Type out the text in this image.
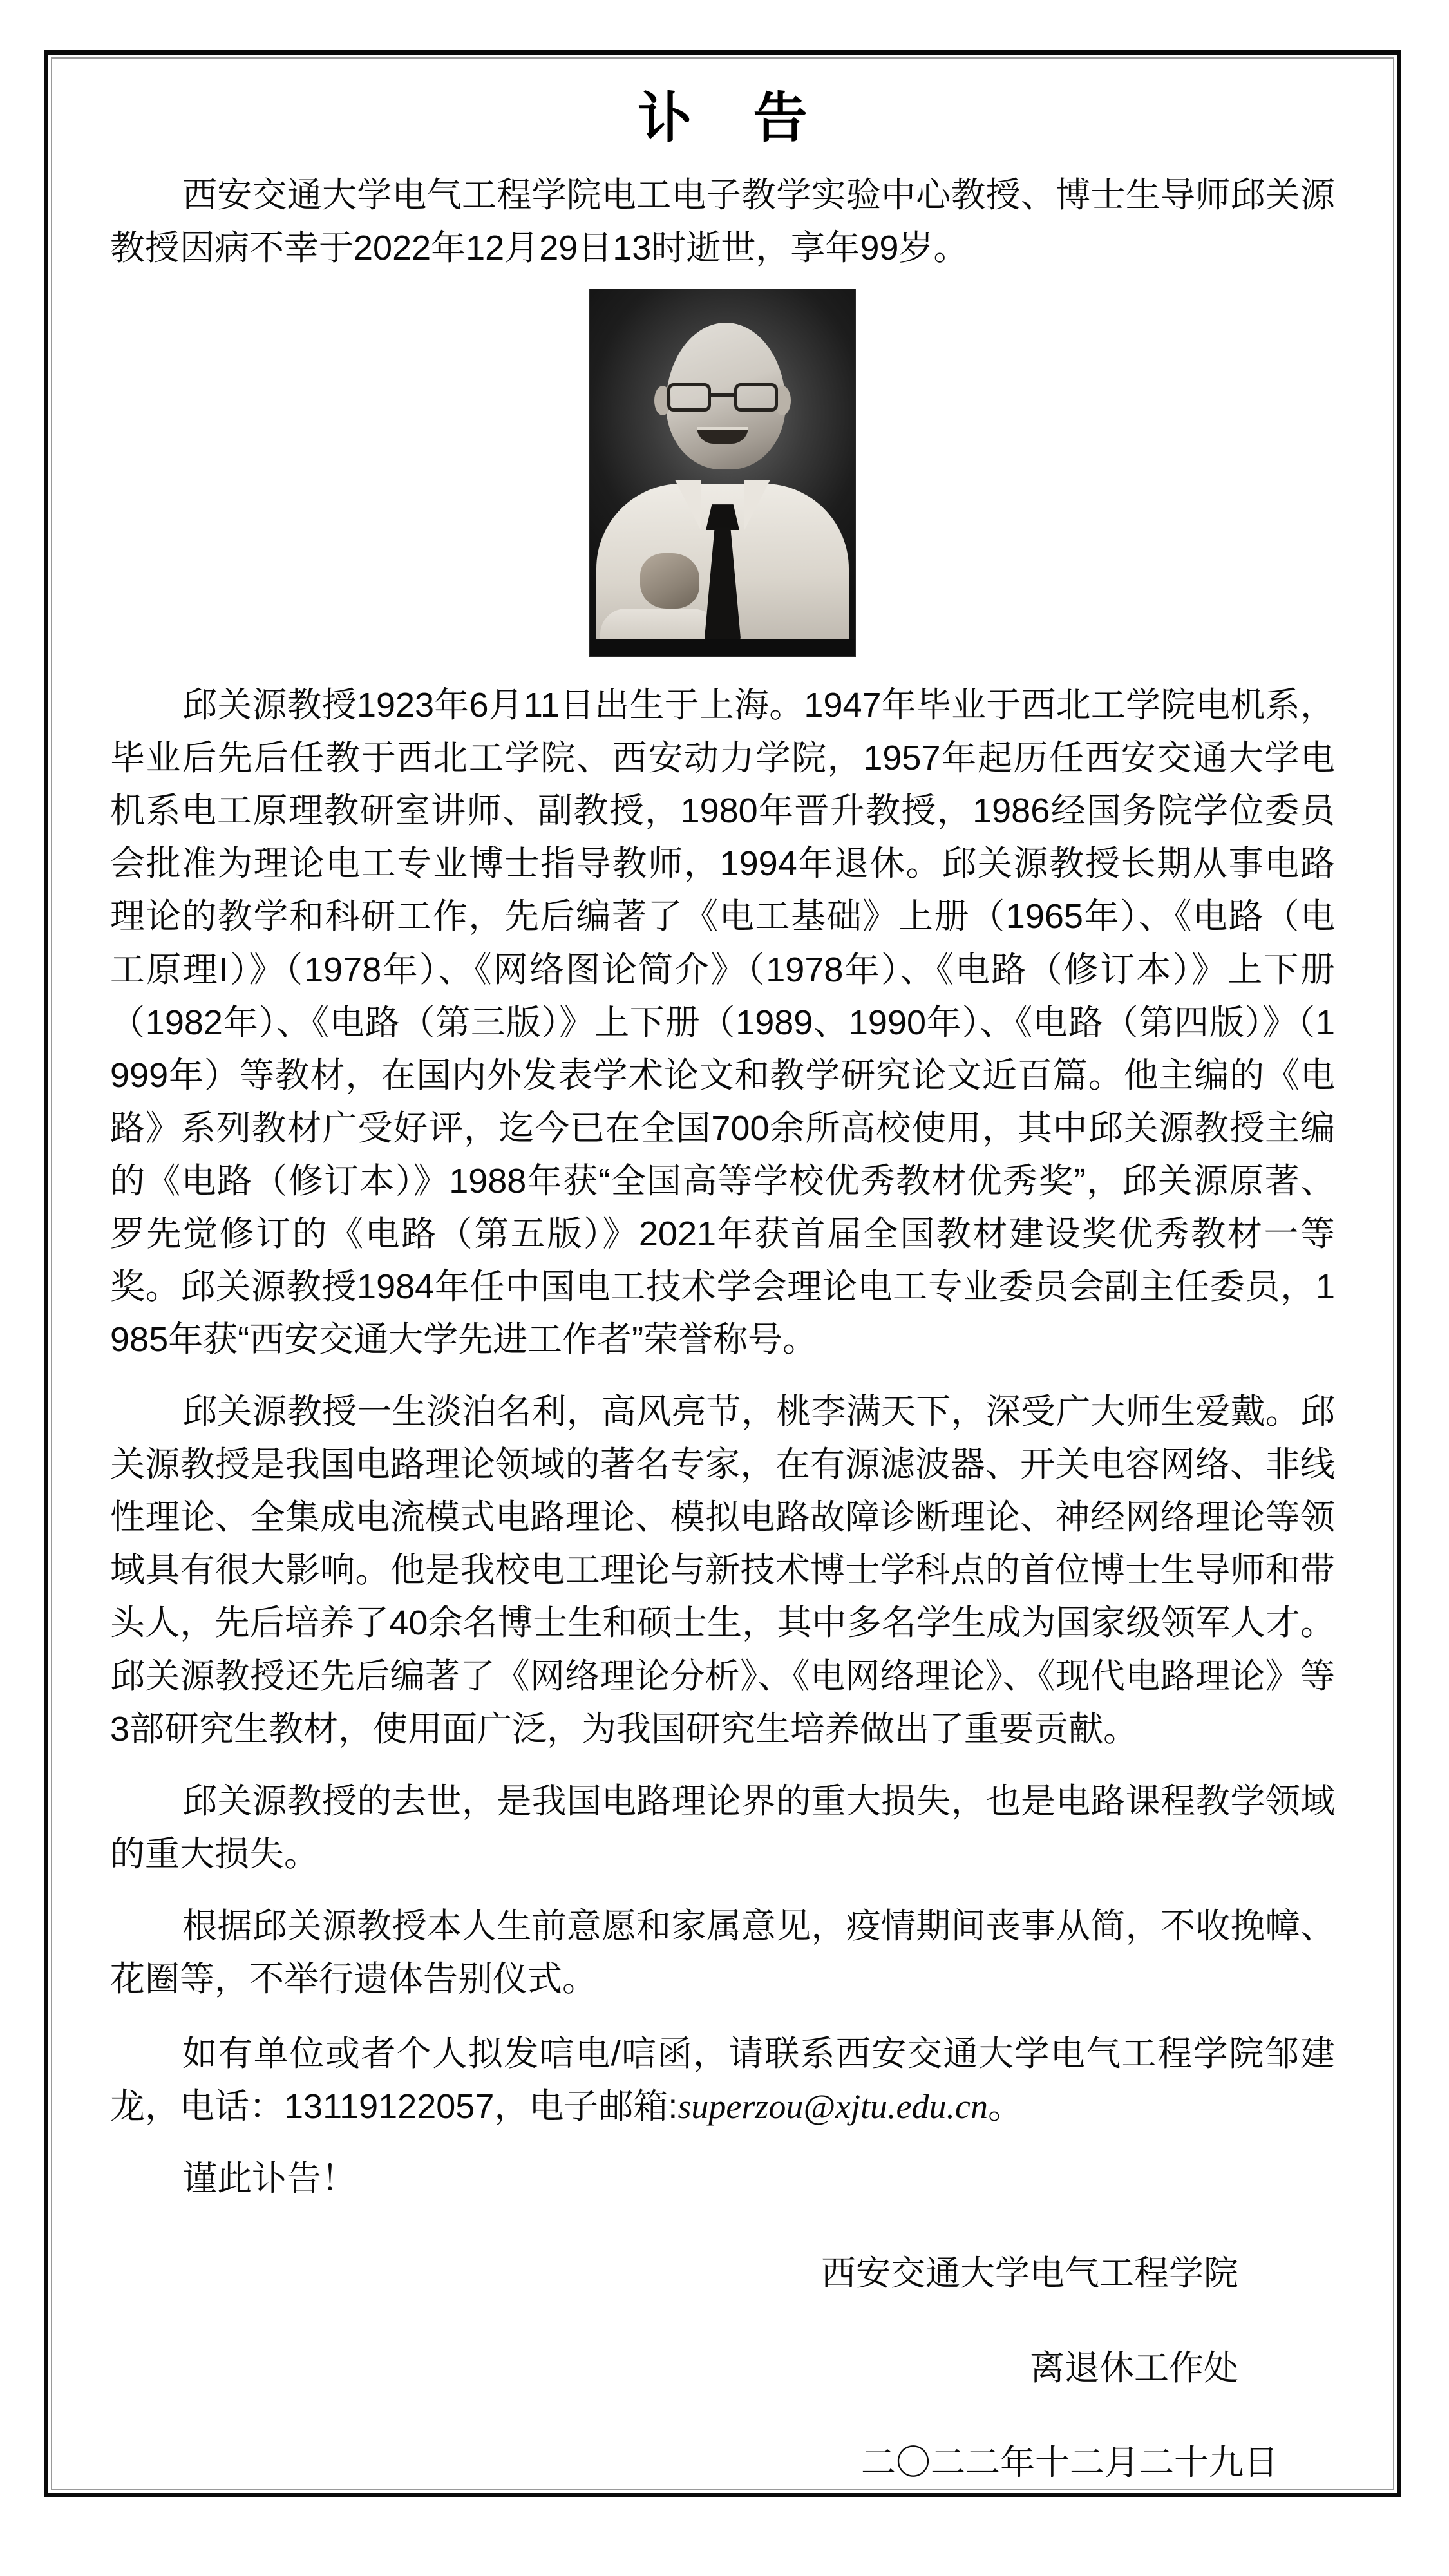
讣 告

西安交通大学电气工程学院电工电子教学实验中心教授、博士生导师邱关源教授因病不幸于2022年12月29日13时逝世，享年99岁。

邱关源教授1923年6月11日出生于上海。1947年毕业于西北工学院电机系，毕业后先后任教于西北工学院、西安动力学院，1957年起历任西安交通大学电机系电工原理教研室讲师、副教授，1980年晋升教授，1986经国务院学位委员会批准为理论电工专业博士指导教师，1994年退休。邱关源教授长期从事电路理论的教学和科研工作，先后编著了《电工基础》上册（1965年）、《电路（电工原理I）》（1978年）、《网络图论简介》（1978年）、《电路（修订本）》上下册（1982年）、《电路（第三版）》上下册（1989、1990年）、《电路（第四版）》（1999年）等教材，在国内外发表学术论文和教学研究论文近百篇。他主编的《电路》系列教材广受好评，迄今已在全国700余所高校使用，其中邱关源教授主编的《电路（修订本）》1988年获“全国高等学校优秀教材优秀奖”，邱关源原著、罗先觉修订的《电路（第五版）》2021年获首届全国教材建设奖优秀教材一等奖。邱关源教授1984年任中国电工技术学会理论电工专业委员会副主任委员，1985年获“西安交通大学先进工作者”荣誉称号。

邱关源教授一生淡泊名利，高风亮节，桃李满天下，深受广大师生爱戴。邱关源教授是我国电路理论领域的著名专家，在有源滤波器、开关电容网络、非线性理论、全集成电流模式电路理论、模拟电路故障诊断理论、神经网络理论等领域具有很大影响。他是我校电工理论与新技术博士学科点的首位博士生导师和带头人，先后培养了40余名博士生和硕士生，其中多名学生成为国家级领军人才。邱关源教授还先后编著了《网络理论分析》、《电网络理论》、《现代电路理论》等3部研究生教材，使用面广泛，为我国研究生培养做出了重要贡献。

邱关源教授的去世，是我国电路理论界的重大损失，也是电路课程教学领域的重大损失。

根据邱关源教授本人生前意愿和家属意见，疫情期间丧事从简，不收挽幛、花圈等，不举行遗体告别仪式。

如有单位或者个人拟发唁电/唁函，请联系西安交通大学电气工程学院邹建龙，电话：13119122057，电子邮箱:superzou@xjtu.edu.cn。

谨此讣告！

西安交通大学电气工程学院

离退休工作处

二〇二二年十二月二十九日
